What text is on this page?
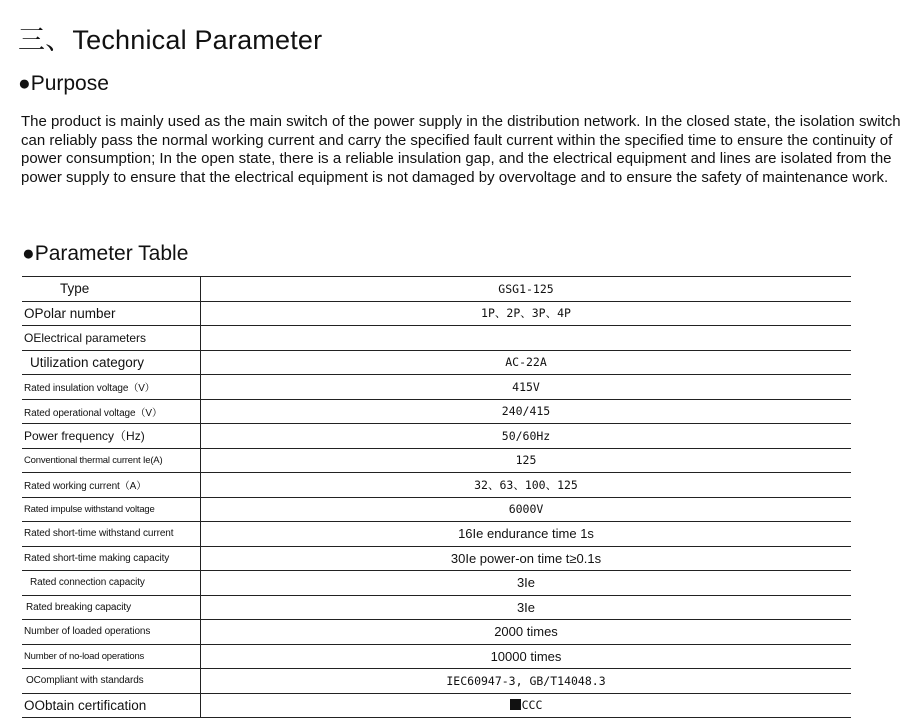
三、Technical Parameter
●Purpose
The product is mainly used as the main switch of the power supply in the distribution network. In the closed state, the isolation switch can reliably pass the normal working current and carry the specified fault current within the specified time to ensure the continuity of power consumption; In the open state, there is a reliable insulation gap, and the electrical equipment and lines are isolated from the power supply to ensure that the electrical equipment is not damaged by overvoltage and to ensure the safety of maintenance work.
●Parameter Table
Type	GSG1-125
OPolar number	1P、2P、3P、4P
OElectrical parameters	
Utilization category	AC-22A
Rated insulation voltage（V）	415V
Rated operational voltage（V）	240/415
Power frequency（Hz)	50/60Hz
Conventional thermal current Ie(A)	125
Rated working current（A）	32、63、100、125
Rated impulse withstand voltage	6000V
Rated short-time withstand current	16Ie endurance time 1s
Rated short-time making capacity	30Ie power-on time t≥0.1s
Rated connection capacity	3Ie
Rated breaking capacity	3Ie
Number of loaded operations	2000 times
Number of no-load operations	10000 times
OCompliant with standards	IEC60947-3, GB/T14048.3
OObtain certification	CCC
